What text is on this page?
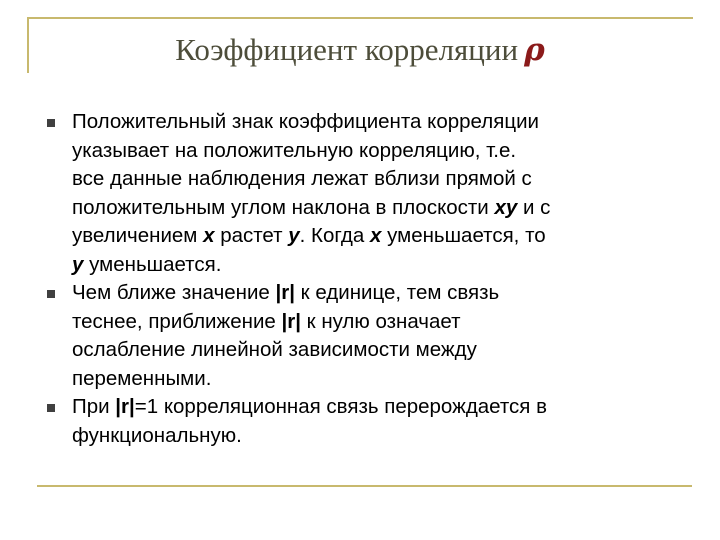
Коэффициент корреляции ρ
Положительный знак коэффициента корреляции
указывает на положительную корреляцию, т.е.
все данные наблюдения лежат вблизи прямой с
положительным углом наклона в плоскости xy и с
увеличением x растет y. Когда x уменьшается, то
y уменьшается.
Чем ближе значение |r| к единице, тем связь
теснее, приближение |r| к нулю означает
ослабление линейной зависимости между
переменными.
При |r|=1 корреляционная связь перерождается в
функциональную.
